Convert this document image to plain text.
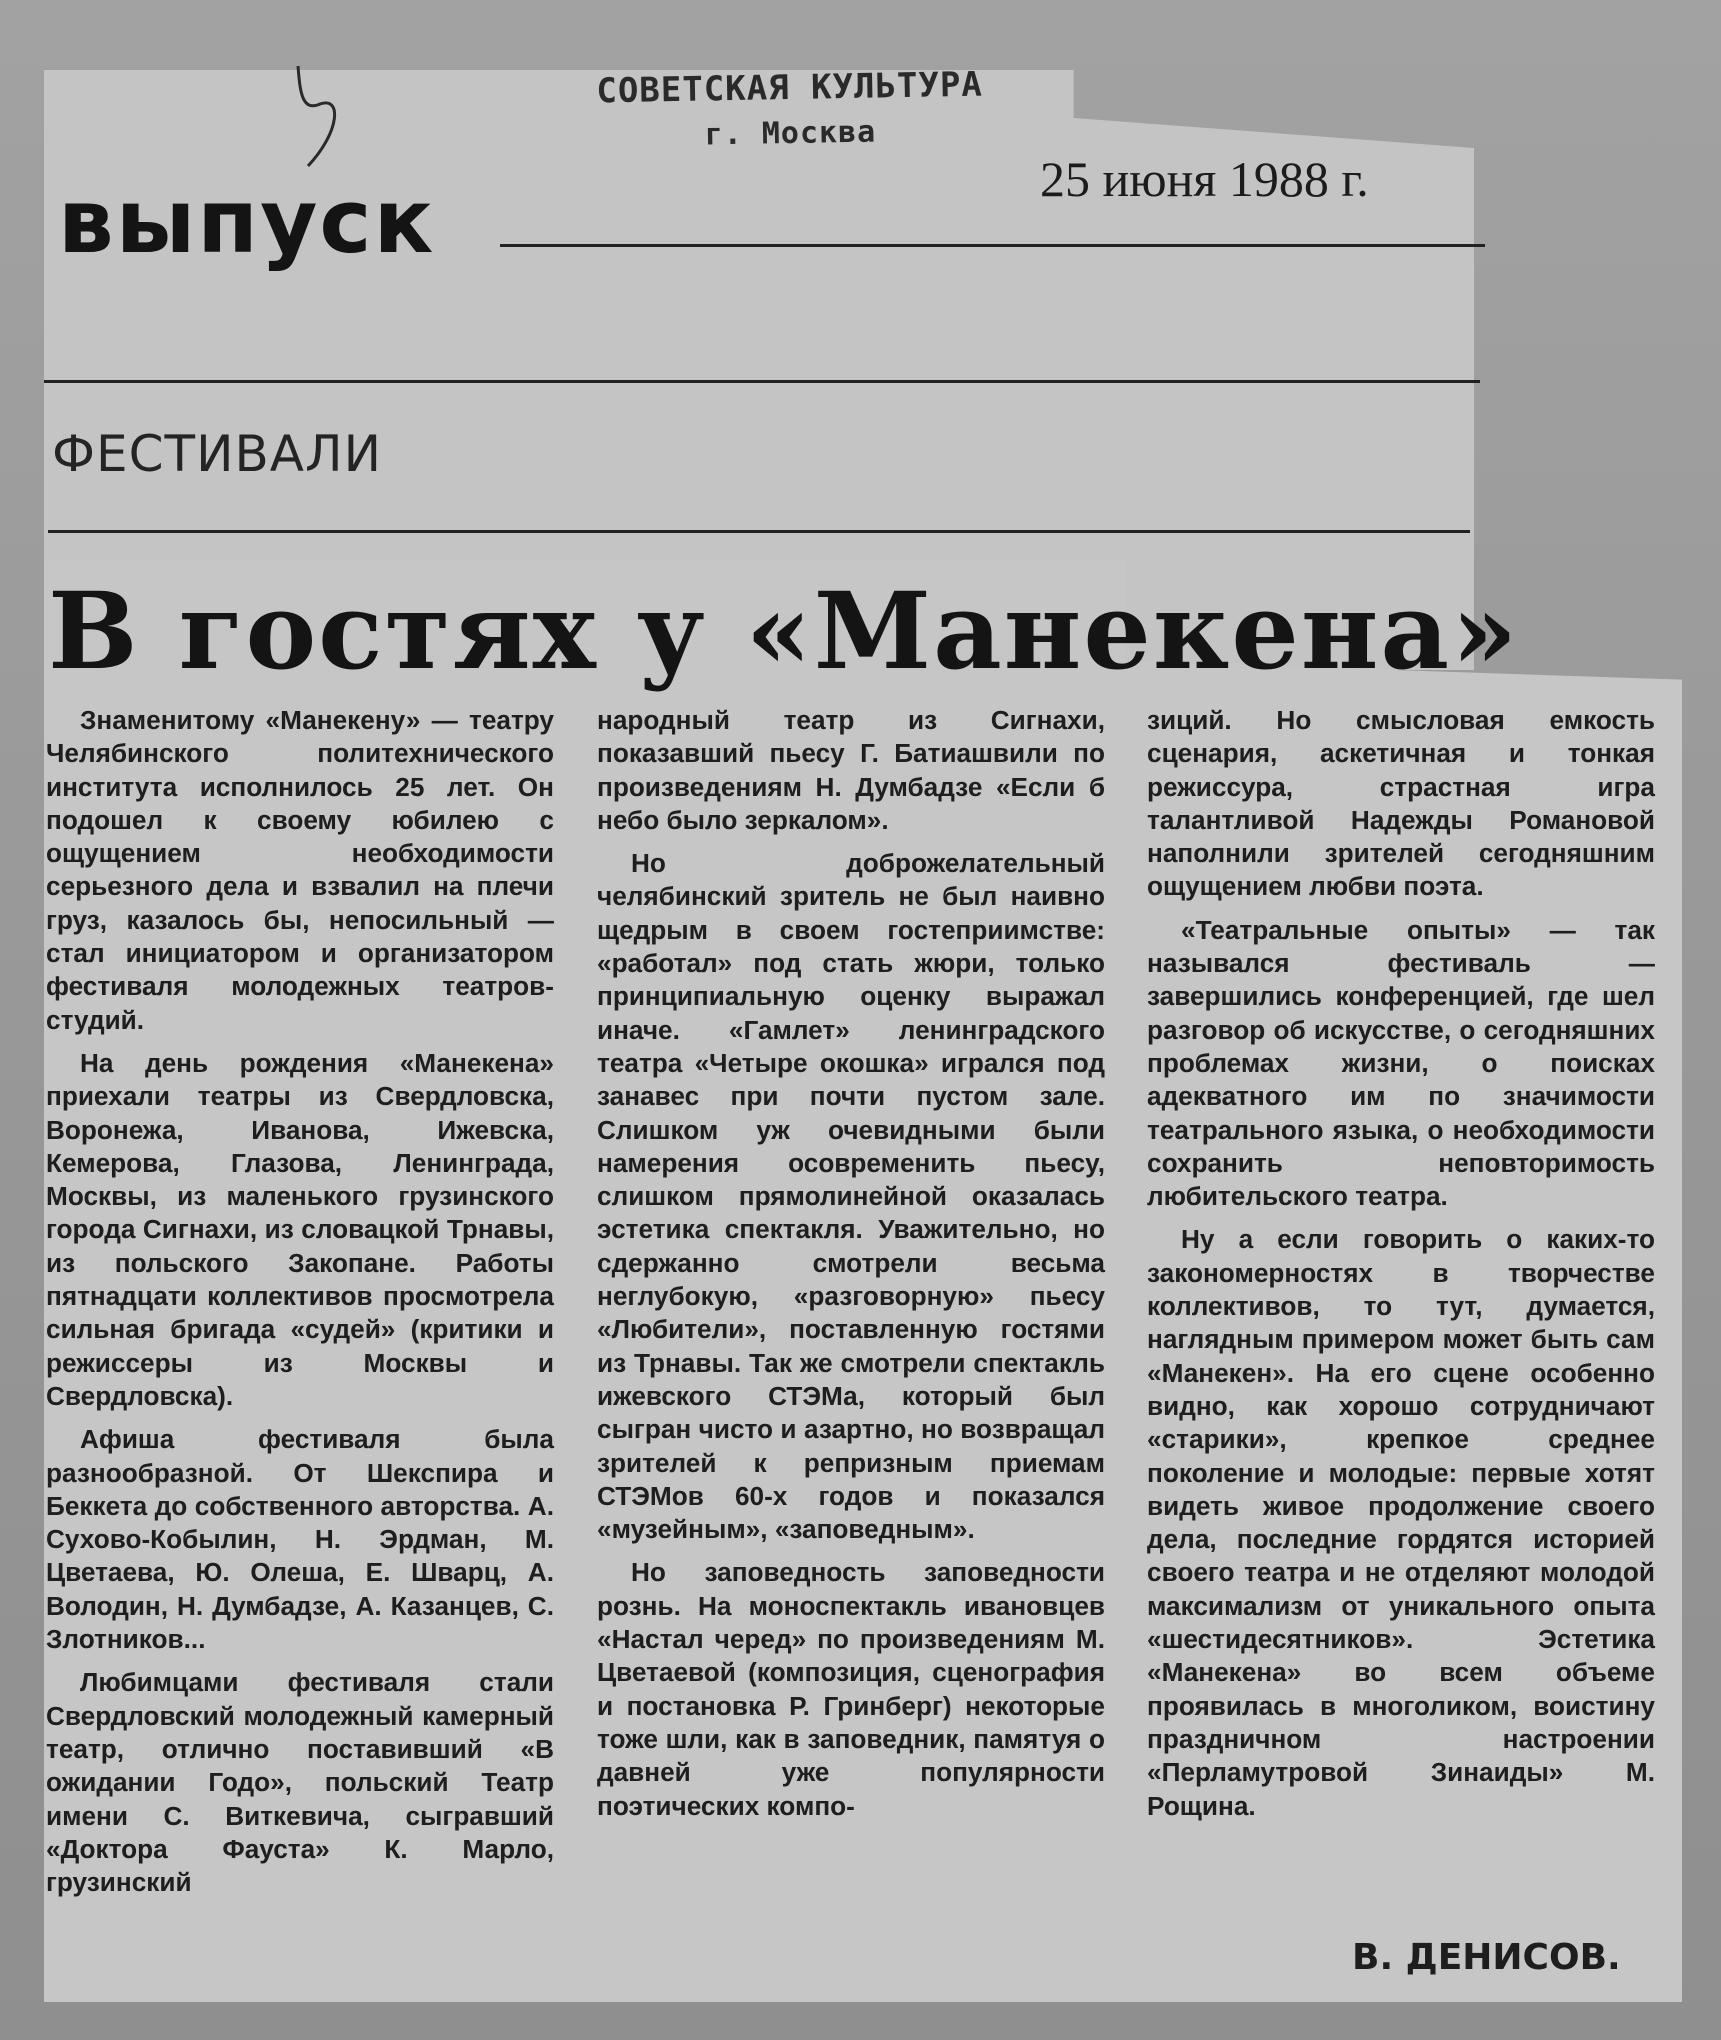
СОВЕТСКАЯ КУЛЬТУРА
г. Москва
25 июня 1988 г.
выпуск
ФЕСТИВАЛИ
В гостях у «Манекена»

Знаменитому «Манекену» — театру Челябинского политехнического института исполнилось 25 лет. Он подошел к своему юбилею с ощущением необходимости серьезного дела и взвалил на плечи груз, казалось бы, непосильный — стал инициатором и организатором фестиваля молодежных театров-студий.

На день рождения «Манекена» приехали театры из Свердловска, Воронежа, Иванова, Ижевска, Кемерова, Глазова, Ленинграда, Москвы, из маленького грузинского города Сигнахи, из словацкой Трнавы, из польского Закопане. Работы пятнадцати коллективов просмотрела сильная бригада «судей» (критики и режиссеры из Москвы и Свердловска).

Афиша фестиваля была разнообразной. От Шекспира и Беккета до собственного авторства. А. Сухово-Кобылин, Н. Эрдман, М. Цветаева, Ю. Олеша, Е. Шварц, А. Володин, Н. Думбадзе, А. Казанцев, С. Злотников...

Любимцами фестиваля стали Свердловский молодежный камерный театр, отлично поставивший «В ожидании Годо», польский Театр имени С. Виткевича, сыгравший «Доктора Фауста» К. Марло, грузинский

народный театр из Сигнахи, показавший пьесу Г. Батиашвили по произведениям Н. Думбадзе «Если б небо было зеркалом».

Но доброжелательный челябинский зритель не был наивно щедрым в своем гостеприимстве: «работал» под стать жюри, только принципиальную оценку выражал иначе. «Гамлет» ленинградского театра «Четыре окошка» игрался под занавес при почти пустом зале. Слишком уж очевидными были намерения осовременить пьесу, слишком прямолинейной оказалась эстетика спектакля. Уважительно, но сдержанно смотрели весьма неглубокую, «разговорную» пьесу «Любители», поставленную гостями из Трнавы. Так же смотрели спектакль ижевского СТЭМа, который был сыгран чисто и азартно, но возвращал зрителей к репризным приемам СТЭМов 60-х годов и показался «музейным», «заповедным».

Но заповедность заповедности рознь. На моноспектакль ивановцев «Настал черед» по произведениям М. Цветаевой (композиция, сценография и постановка Р. Гринберг) некоторые тоже шли, как в заповедник, памятуя о давней уже популярности поэтических компо-

зиций. Но смысловая емкость сценария, аскетичная и тонкая режиссура, страстная игра талантливой Надежды Романовой наполнили зрителей сегодняшним ощущением любви поэта.

«Театральные опыты» — так назывался фестиваль — завершились конференцией, где шел разговор об искусстве, о сегодняшних проблемах жизни, о поисках адекватного им по значимости театрального языка, о необходимости сохранить неповторимость любительского театра.

Ну а если говорить о каких-то закономерностях в творчестве коллективов, то тут, думается, наглядным примером может быть сам «Манекен». На его сцене особенно видно, как хорошо сотрудничают «старики», крепкое среднее поколение и молодые: первые хотят видеть живое продолжение своего дела, последние гордятся историей своего театра и не отделяют молодой максимализм от уникального опыта «шестидесятников». Эстетика «Манекена» во всем объеме проявилась в многоликом, воистину праздничном настроении «Перламутровой Зинаиды» М. Рощина.

В. ДЕНИСОВ.
